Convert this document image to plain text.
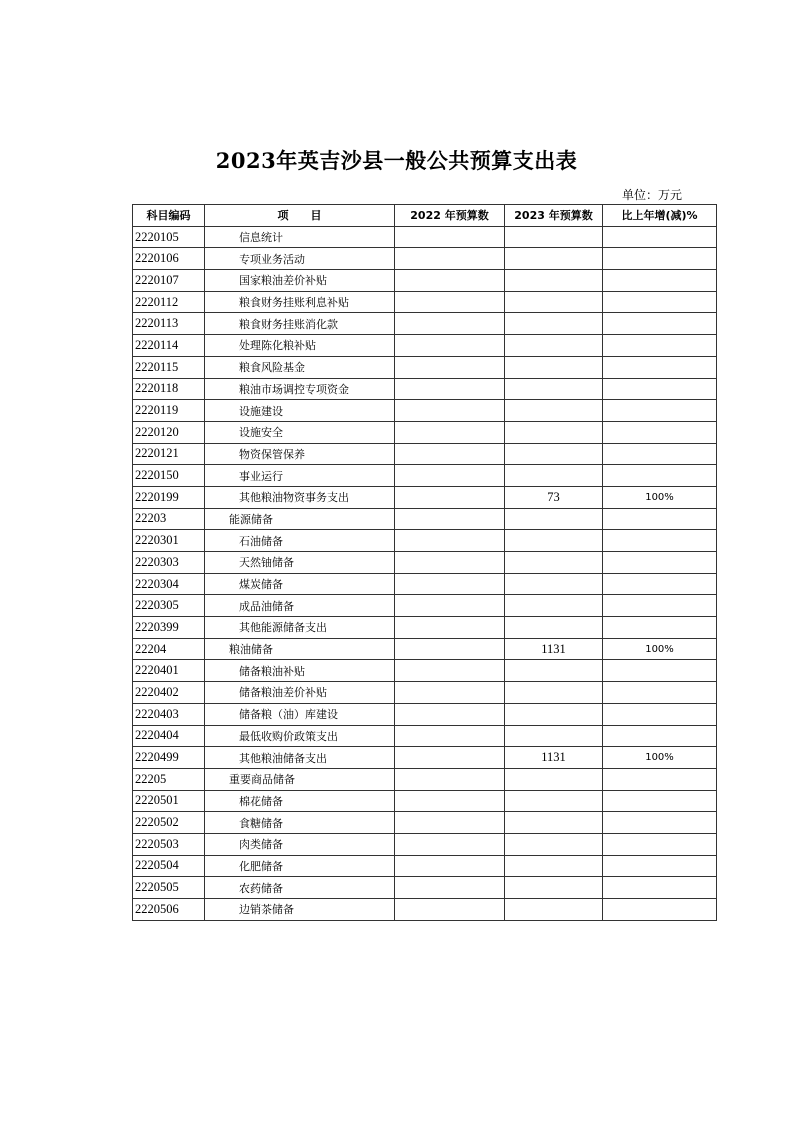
2023年英吉沙县一般公共预算支出表
单位：万元
科目编码	项　　目	2022 年预算数	2023 年预算数	比上年增(减)%
2220105	信息统计			
2220106	专项业务活动			
2220107	国家粮油差价补贴			
2220112	粮食财务挂账利息补贴			
2220113	粮食财务挂账消化款			
2220114	处理陈化粮补贴			
2220115	粮食风险基金			
2220118	粮油市场调控专项资金			
2220119	设施建设			
2220120	设施安全			
2220121	物资保管保养			
2220150	事业运行			
2220199	其他粮油物资事务支出		73	100%
22203	能源储备			
2220301	石油储备			
2220303	天然铀储备			
2220304	煤炭储备			
2220305	成品油储备			
2220399	其他能源储备支出			
22204	粮油储备		1131	100%
2220401	储备粮油补贴			
2220402	储备粮油差价补贴			
2220403	储备粮（油）库建设			
2220404	最低收购价政策支出			
2220499	其他粮油储备支出		1131	100%
22205	重要商品储备			
2220501	棉花储备			
2220502	食糖储备			
2220503	肉类储备			
2220504	化肥储备			
2220505	农药储备			
2220506	边销茶储备			
